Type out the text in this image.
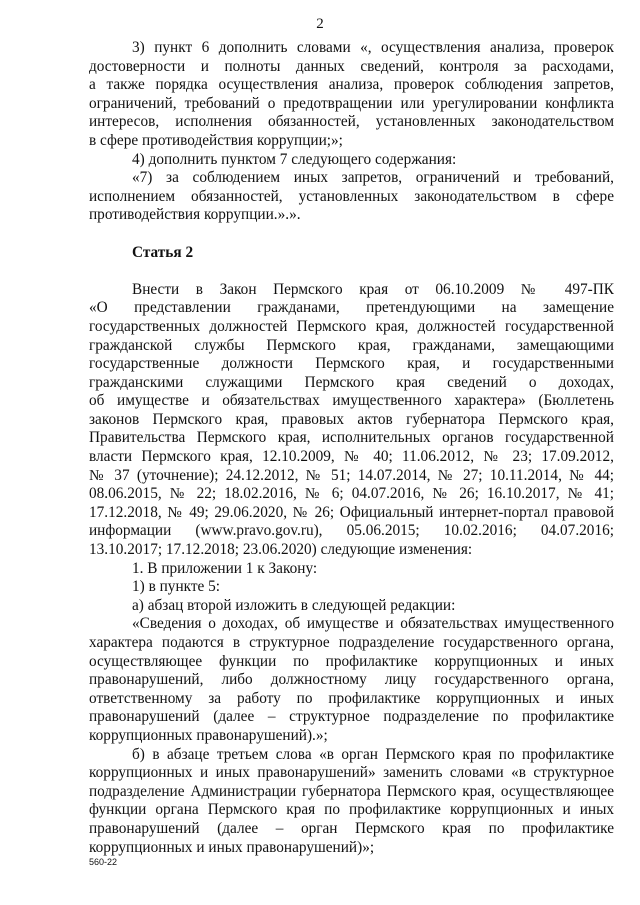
2
3) пункт 6 дополнить словами «, осуществления анализа, проверок
достоверности и полноты данных сведений, контроля за расходами,
а также порядка осуществления анализа, проверок соблюдения запретов,
ограничений, требований о предотвращении или урегулировании конфликта
интересов, исполнения обязанностей, установленных законодательством
в сфере противодействия коррупции;»;
4) дополнить пунктом 7 следующего содержания:
«7) за соблюдением иных запретов, ограничений и требований,
исполнением обязанностей, установленных законодательством в сфере
противодействия коррупции.».».
Статья 2
Внести в Закон Пермского края от 06.10.2009 № 497-ПК
«О представлении гражданами, претендующими на замещение
государственных должностей Пермского края, должностей государственной
гражданской службы Пермского края, гражданами, замещающими
государственные должности Пермского края, и государственными
гражданскими служащими Пермского края сведений о доходах,
об имуществе и обязательствах имущественного характера» (Бюллетень
законов Пермского края, правовых актов губернатора Пермского края,
Правительства Пермского края, исполнительных органов государственной
власти Пермского края, 12.10.2009, № 40; 11.06.2012, № 23; 17.09.2012,
№ 37 (уточнение); 24.12.2012, № 51; 14.07.2014, № 27; 10.11.2014, № 44;
08.06.2015, № 22; 18.02.2016, № 6; 04.07.2016, № 26; 16.10.2017, № 41;
17.12.2018, № 49; 29.06.2020, № 26; Официальный интернет-портал правовой
информации (www.pravo.gov.ru), 05.06.2015; 10.02.2016; 04.07.2016;
13.10.2017; 17.12.2018; 23.06.2020) следующие изменения:
1. В приложении 1 к Закону:
1) в пункте 5:
а) абзац второй изложить в следующей редакции:
«Сведения о доходах, об имуществе и обязательствах имущественного
характера подаются в структурное подразделение государственного органа,
осуществляющее функции по профилактике коррупционных и иных
правонарушений, либо должностному лицу государственного органа,
ответственному за работу по профилактике коррупционных и иных
правонарушений (далее – структурное подразделение по профилактике
коррупционных правонарушений).»;
б) в абзаце третьем слова «в орган Пермского края по профилактике
коррупционных и иных правонарушений» заменить словами «в структурное
подразделение Администрации губернатора Пермского края, осуществляющее
функции органа Пермского края по профилактике коррупционных и иных
правонарушений (далее – орган Пермского края по профилактике
коррупционных и иных правонарушений)»;
560-22
